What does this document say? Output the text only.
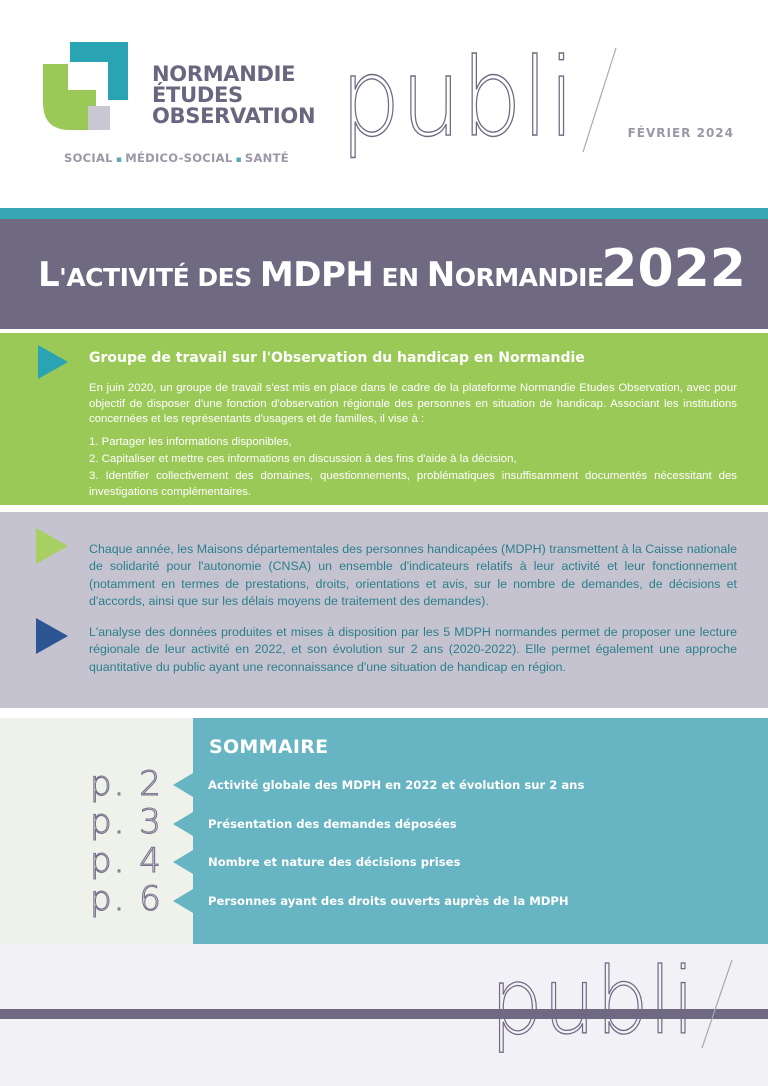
NORMANDIE
ÉTUDES
OBSERVATION
SOCIAL ▪ MÉDICO-SOCIAL ▪ SANTÉ publi	FÉVRIER 2024
L'ACTIVITÉ DES MDPH EN NORMANDIE
2022
Groupe de travail sur l'Observation du handicap en Normandie

En juin 2020, un groupe de travail s'est mis en place dans le cadre de la plateforme Normandie Etudes Observation, avec pour objectif de disposer d'une fonction d'observation régionale des personnes en situation de handicap. Associant les institutions concernées et les représentants d'usagers et de familles, il vise à :

1. Partager les informations disponibles,
2. Capitaliser et mettre ces informations en discussion à des fins d'aide à la décision,
3. Identifier collectivement des domaines, questionnements, problématiques insuffisamment documentés nécessitant des investigations complémentaires.

Chaque année, les Maisons départementales des personnes handicapées (MDPH) transmettent à la Caisse nationale de solidarité pour l'autonomie (CNSA) un ensemble d'indicateurs relatifs à leur activité et leur fonctionnement (notamment en termes de prestations, droits, orientations et avis, sur le nombre de demandes, de décisions et d'accords, ainsi que sur les délais moyens de traitement des demandes).

L'analyse des données produites et mises à disposition par les 5 MDPH normandes permet de proposer une lecture régionale de leur activité en 2022, et son évolution sur 2 ans (2020-2022). Elle permet également une approche quantitative du public ayant une reconnaissance d'une situation de handicap en région.

p. 2
p. 3
p. 4
p. 6
SOMMAIRE
Activité globale des MDPH en 2022 et évolution sur 2 ans
Présentation des demandes déposées
Nombre et nature des décisions prises
Personnes ayant des droits ouverts auprès de la MDPH
publi
